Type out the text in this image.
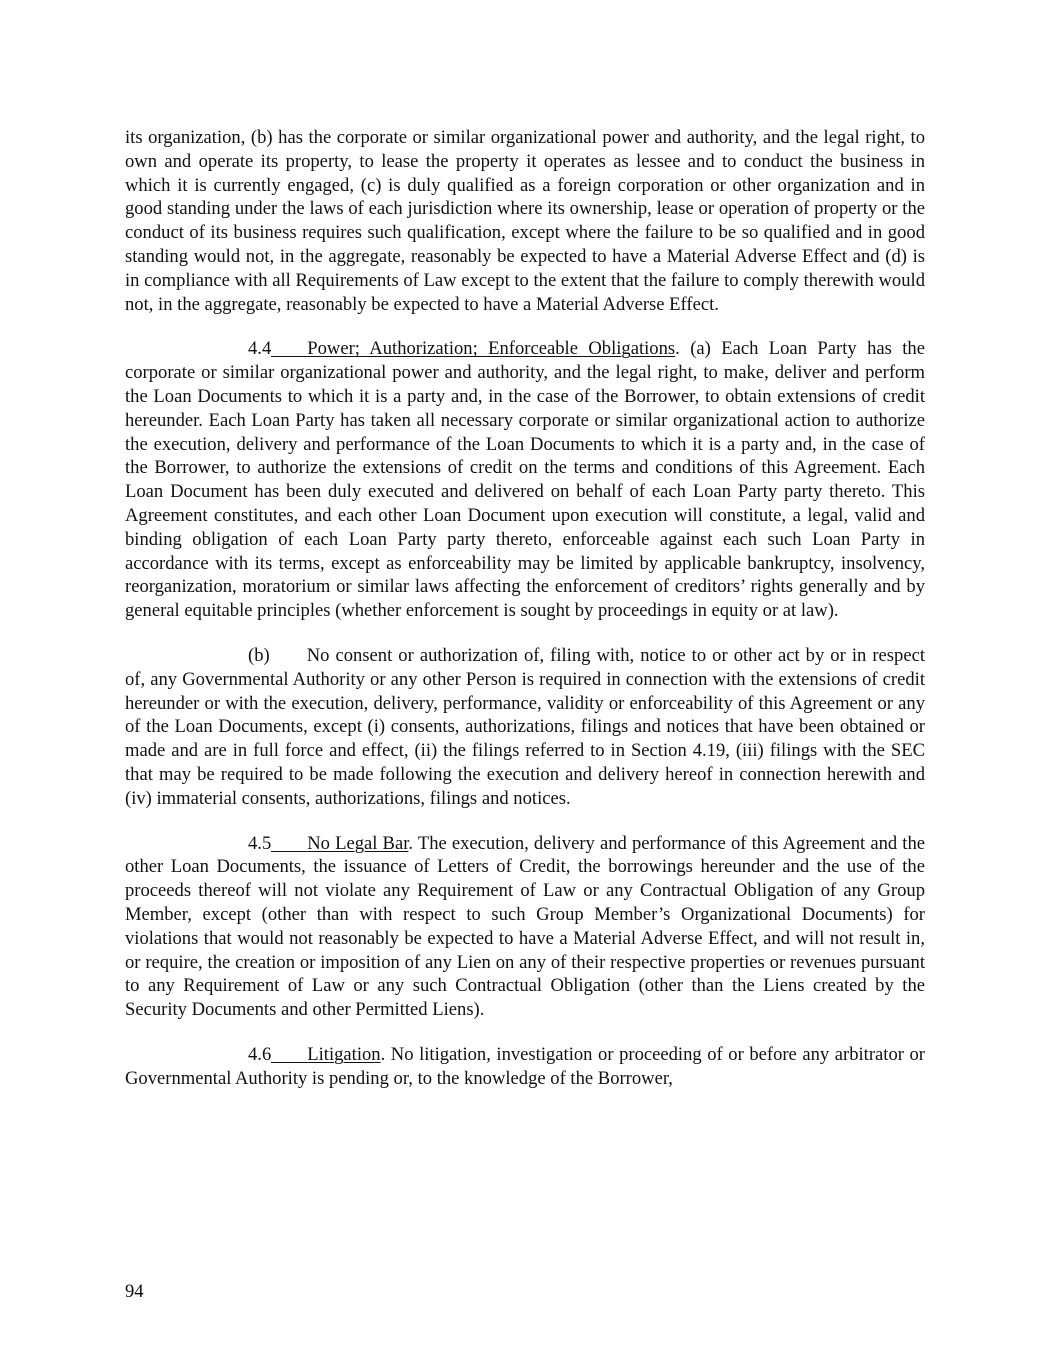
its organization, (b) has the corporate or similar organizational power and authority, and the legal right, to own and operate its property, to lease the property it operates as lessee and to conduct the business in which it is currently engaged, (c) is duly qualified as a foreign corporation or other organization and in good standing under the laws of each jurisdiction where its ownership, lease or operation of property or the conduct of its business requires such qualification, except where the failure to be so qualified and in good standing would not, in the aggregate, reasonably be expected to have a Material Adverse Effect and (d) is in compliance with all Requirements of Law except to the extent that the failure to comply therewith would not, in the aggregate, reasonably be expected to have a Material Adverse Effect.

4.4 Power; Authorization; Enforceable Obligations. (a) Each Loan Party has the corporate or similar organizational power and authority, and the legal right, to make, deliver and perform the Loan Documents to which it is a party and, in the case of the Borrower, to obtain extensions of credit hereunder. Each Loan Party has taken all necessary corporate or similar organizational action to authorize the execution, delivery and performance of the Loan Documents to which it is a party and, in the case of the Borrower, to authorize the extensions of credit on the terms and conditions of this Agreement. Each Loan Document has been duly executed and delivered on behalf of each Loan Party party thereto. This Agreement constitutes, and each other Loan Document upon execution will constitute, a legal, valid and binding obligation of each Loan Party party thereto, enforceable against each such Loan Party in accordance with its terms, except as enforceability may be limited by applicable bankruptcy, insolvency, reorganization, moratorium or similar laws affecting the enforcement of creditors’ rights generally and by general equitable principles (whether enforcement is sought by proceedings in equity or at law).

(b) No consent or authorization of, filing with, notice to or other act by or in respect of, any Governmental Authority or any other Person is required in connection with the extensions of credit hereunder or with the execution, delivery, performance, validity or enforceability of this Agreement or any of the Loan Documents, except (i) consents, authorizations, filings and notices that have been obtained or made and are in full force and effect, (ii) the filings referred to in Section 4.19, (iii) filings with the SEC that may be required to be made following the execution and delivery hereof in connection herewith and (iv) immaterial consents, authorizations, filings and notices.

4.5 No Legal Bar. The execution, delivery and performance of this Agreement and the other Loan Documents, the issuance of Letters of Credit, the borrowings hereunder and the use of the proceeds thereof will not violate any Requirement of Law or any Contractual Obligation of any Group Member, except (other than with respect to such Group Member’s Organizational Documents) for violations that would not reasonably be expected to have a Material Adverse Effect, and will not result in, or require, the creation or imposition of any Lien on any of their respective properties or revenues pursuant to any Requirement of Law or any such Contractual Obligation (other than the Liens created by the Security Documents and other Permitted Liens).

4.6 Litigation. No litigation, investigation or proceeding of or before any arbitrator or Governmental Authority is pending or, to the knowledge of the Borrower,

94
